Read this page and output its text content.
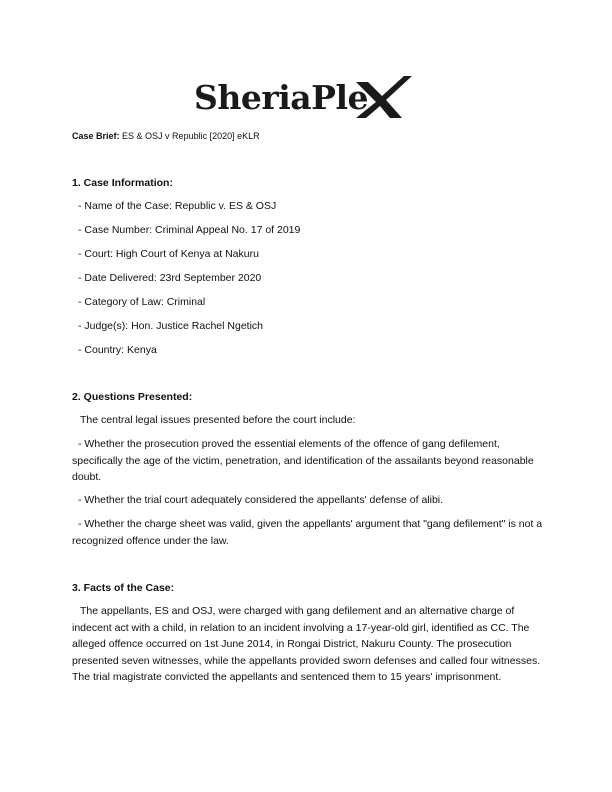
SheriaPle
Case Brief: ES & OSJ v Republic [2020] eKLR
1. Case Information:

- Name of the Case: Republic v. ES & OSJ

- Case Number: Criminal Appeal No. 17 of 2019

- Court: High Court of Kenya at Nakuru

- Date Delivered: 23rd September 2020

- Category of Law: Criminal

- Judge(s): Hon. Justice Rachel Ngetich

- Country: Kenya

2. Questions Presented:

The central legal issues presented before the court include:

- Whether the prosecution proved the essential elements of the offence of gang defilement, specifically the age of the victim, penetration, and identification of the assailants beyond reasonable doubt.

- Whether the trial court adequately considered the appellants' defense of alibi.

- Whether the charge sheet was valid, given the appellants' argument that "gang defilement" is not a recognized offence under the law.

3. Facts of the Case:

The appellants, ES and OSJ, were charged with gang defilement and an alternative charge of indecent act with a child, in relation to an incident involving a 17-year-old girl, identified as CC. The alleged offence occurred on 1st June 2014, in Rongai District, Nakuru County. The prosecution presented seven witnesses, while the appellants provided sworn defenses and called four witnesses. The trial magistrate convicted the appellants and sentenced them to 15 years' imprisonment.
